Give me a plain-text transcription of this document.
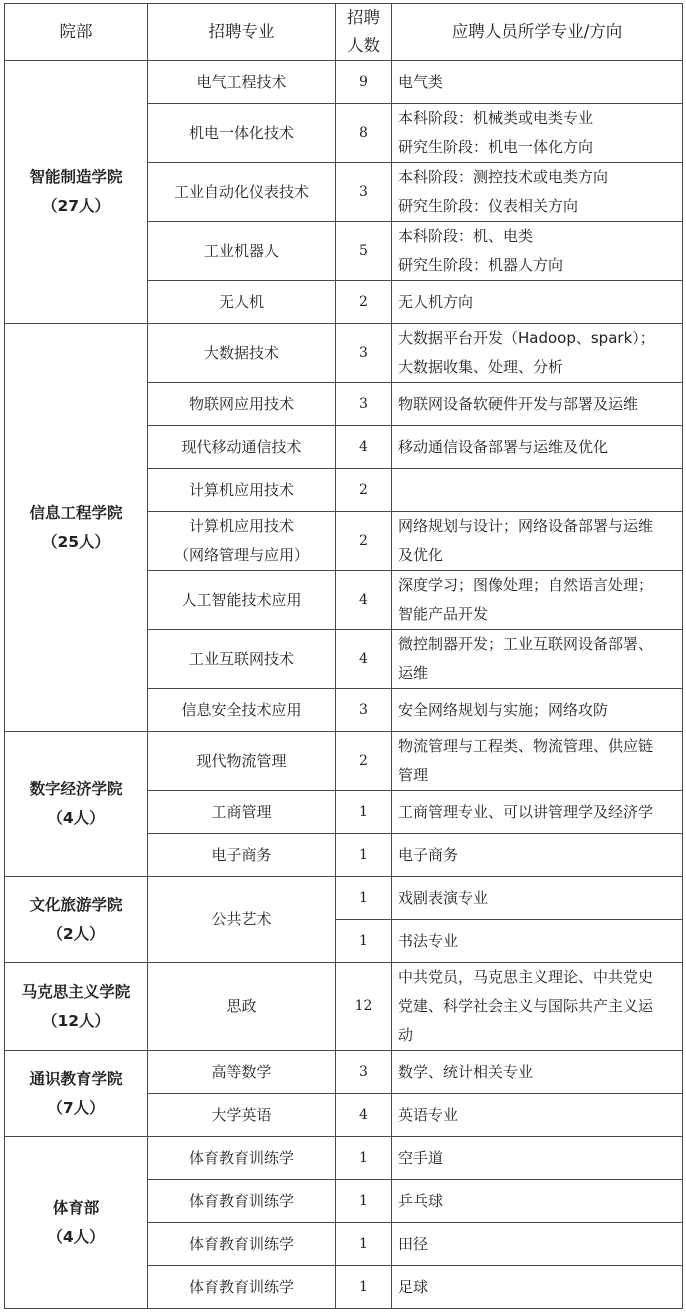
院部	招聘专业	招聘
人数	应聘人员所学专业/方向

智能制造学院
（27人）	电气工程技术	9	电气类

	机电一体化技术	8	本科阶段：机械类或电类专业
研究生阶段：机电一体化方向

	工业自动化仪表技术	3	本科阶段：测控技术或电类方向
研究生阶段：仪表相关方向

	工业机器人	5	本科阶段：机、电类
研究生阶段：机器人方向

	无人机	2	无人机方向

信息工程学院
（25人）	大数据技术	3	大数据平台开发（Hadoop、spark）；
大数据收集、处理、分析

	物联网应用技术	3	物联网设备软硬件开发与部署及运维

	现代移动通信技术	4	移动通信设备部署与运维及优化

	计算机应用技术	2	

	计算机应用技术
（网络管理与应用）	2	网络规划与设计；网络设备部署与运维
及优化

	人工智能技术应用	4	深度学习；图像处理；自然语言处理；
智能产品开发

	工业互联网技术	4	微控制器开发；工业互联网设备部署、
运维

	信息安全技术应用	3	安全网络规划与实施；网络攻防

数字经济学院
（4人）	现代物流管理	2	物流管理与工程类、物流管理、供应链
管理

	工商管理	1	工商管理专业、可以讲管理学及经济学

	电子商务	1	电子商务

文化旅游学院
（2人）	公共艺术	1	戏剧表演专业

		1	书法专业

马克思主义学院
（12人）	思政	12	中共党员，马克思主义理论、中共党史
党建、科学社会主义与国际共产主义运
动

通识教育学院
（7人）	高等数学	3	数学、统计相关专业

	大学英语	4	英语专业

体育部
（4人）	体育教育训练学	1	空手道

	体育教育训练学	1	乒乓球

	体育教育训练学	1	田径

	体育教育训练学	1	足球
